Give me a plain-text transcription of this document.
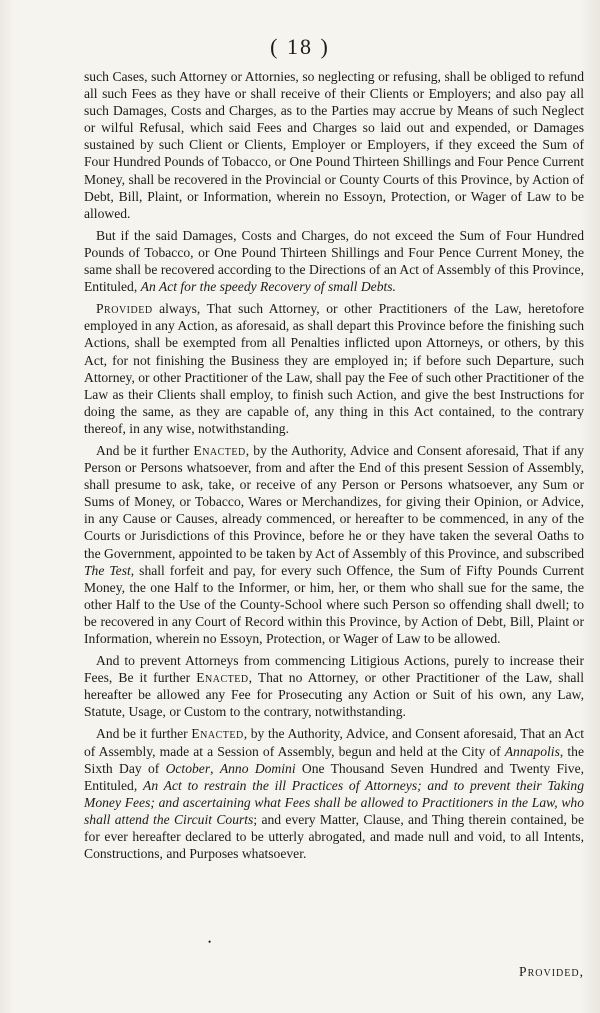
( 18 )

such Cases, such Attorney or Attornies, so neglecting or refusing, shall be obliged to refund all such Fees as they have or shall receive of their Clients or Employers; and also pay all such Damages, Costs and Charges, as to the Parties may accrue by Means of such Neglect or wilful Refusal, which said Fees and Charges so laid out and expended, or Damages sustained by such Client or Clients, Employer or Employers, if they exceed the Sum of Four Hundred Pounds of Tobacco, or One Pound Thirteen Shillings and Four Pence Current Money, shall be recovered in the Provincial or County Courts of this Province, by Action of Debt, Bill, Plaint, or Information, wherein no Essoyn, Protection, or Wager of Law to be allowed.

But if the said Damages, Costs and Charges, do not exceed the Sum of Four Hundred Pounds of Tobacco, or One Pound Thirteen Shillings and Four Pence Current Money, the same shall be recovered according to the Directions of an Act of Assembly of this Province, Entituled, An Act for the speedy Recovery of small Debts.

Provided always, That such Attorney, or other Practitioners of the Law, heretofore employed in any Action, as aforesaid, as shall depart this Province before the finishing such Actions, shall be exempted from all Penalties inflicted upon Attorneys, or others, by this Act, for not finishing the Business they are employed in; if before such Departure, such Attorney, or other Practitioner of the Law, shall pay the Fee of such other Practitioner of the Law as their Clients shall employ, to finish such Action, and give the best Instructions for doing the same, as they are capable of, any thing in this Act contained, to the contrary thereof, in any wise, notwithstanding.

And be it further Enacted, by the Authority, Advice and Consent aforesaid, That if any Person or Persons whatsoever, from and after the End of this present Session of Assembly, shall presume to ask, take, or receive of any Person or Persons whatsoever, any Sum or Sums of Money, or Tobacco, Wares or Merchandizes, for giving their Opinion, or Advice, in any Cause or Causes, already commenced, or hereafter to be commenced, in any of the Courts or Jurisdictions of this Province, before he or they have taken the several Oaths to the Government, appointed to be taken by Act of Assembly of this Province, and subscribed The Test, shall forfeit and pay, for every such Offence, the Sum of Fifty Pounds Current Money, the one Half to the Informer, or him, her, or them who shall sue for the same, the other Half to the Use of the County-School where such Person so offending shall dwell; to be recovered in any Court of Record within this Province, by Action of Debt, Bill, Plaint or Information, wherein no Essoyn, Protection, or Wager of Law to be allowed.

And to prevent Attorneys from commencing Litigious Actions, purely to increase their Fees, Be it further Enacted, That no Attorney, or other Practitioner of the Law, shall hereafter be allowed any Fee for Prosecuting any Action or Suit of his own, any Law, Statute, Usage, or Custom to the contrary, notwithstanding.

And be it further Enacted, by the Authority, Advice, and Consent aforesaid, That an Act of Assembly, made at a Session of Assembly, begun and held at the City of Annapolis, the Sixth Day of October, Anno Domini One Thousand Seven Hundred and Twenty Five, Entituled, An Act to restrain the ill Practices of Attorneys; and to prevent their Taking Money Fees; and ascertaining what Fees shall be allowed to Practitioners in the Law, who shall attend the Circuit Courts; and every Matter, Clause, and Thing therein contained, be for ever hereafter declared to be utterly abrogated, and made null and void, to all Intents, Constructions, and Purposes whatsoever.

•
Provided,
